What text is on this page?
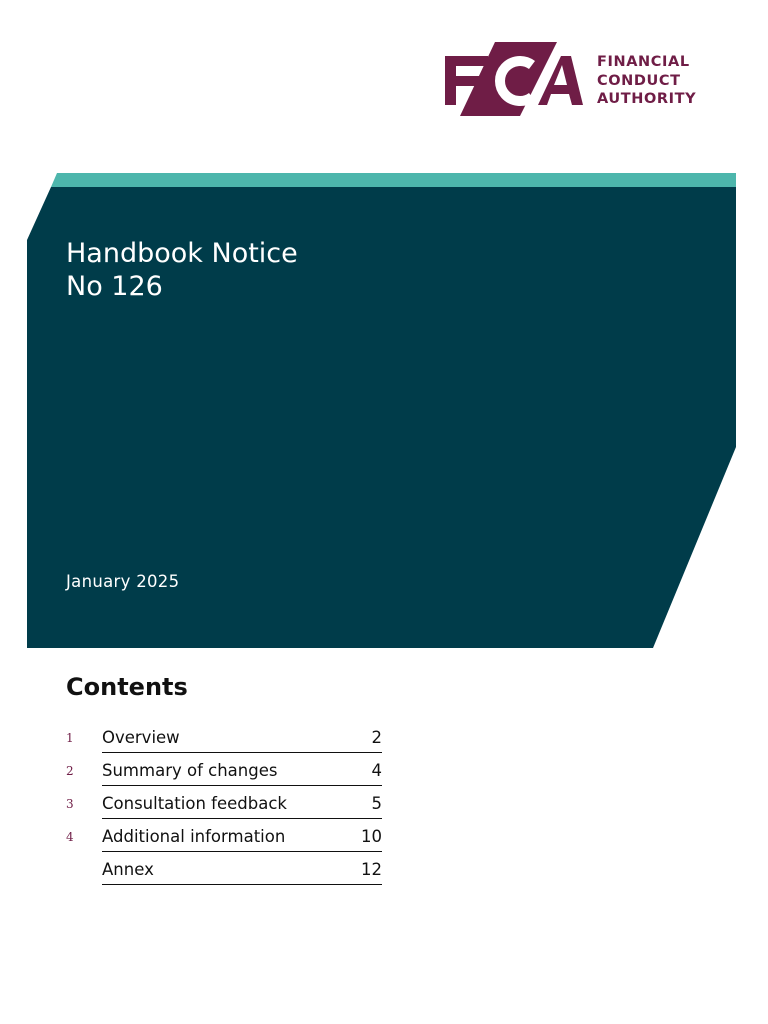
FINANCIAL
CONDUCT
AUTHORITY
Handbook Notice
No 126
January 2025
Contents
1 Overview	2
2 Summary of changes	4
3 Consultation feedback	5
4 Additional information	10
Annex	12
